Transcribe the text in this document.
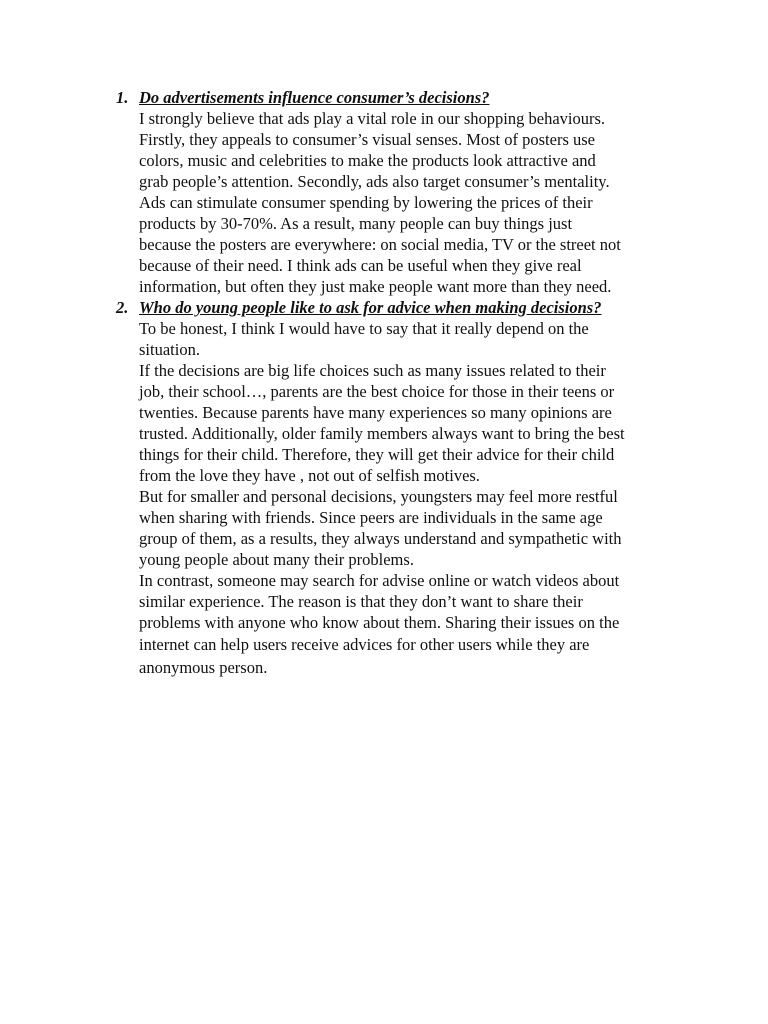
1. Do advertisements influence consumer’s decisions?
I strongly believe that ads play a vital role in our shopping behaviours.
Firstly, they appeals to consumer’s visual senses. Most of posters use
colors, music and celebrities to make the products look attractive and
grab people’s attention. Secondly, ads also target consumer’s mentality.
Ads can stimulate consumer spending by lowering the prices of their
products by 30-70%. As a result, many people can buy things just
because the posters are everywhere: on social media, TV or the street not
because of their need. I think ads can be useful when they give real
information, but often they just make people want more than they need.
2. Who do young people like to ask for advice when making decisions?
To be honest, I think I would have to say that it really depend on the
situation.
If the decisions are big life choices such as many issues related to their
job, their school…, parents are the best choice for those in their teens or
twenties. Because parents have many experiences so many opinions are
trusted. Additionally, older family members always want to bring the best
things for their child. Therefore, they will get their advice for their child
from the love they have , not out of selfish motives.
But for smaller and personal decisions, youngsters may feel more restful
when sharing with friends. Since peers are individuals in the same age
group of them, as a results, they always understand and sympathetic with
young people about many their problems.
In contrast, someone may search for advise online or watch videos about
similar experience. The reason is that they don’t want to share their
problems with anyone who know about them. Sharing their issues on the
internet can help users receive advices for other users while they are
anonymous person.
